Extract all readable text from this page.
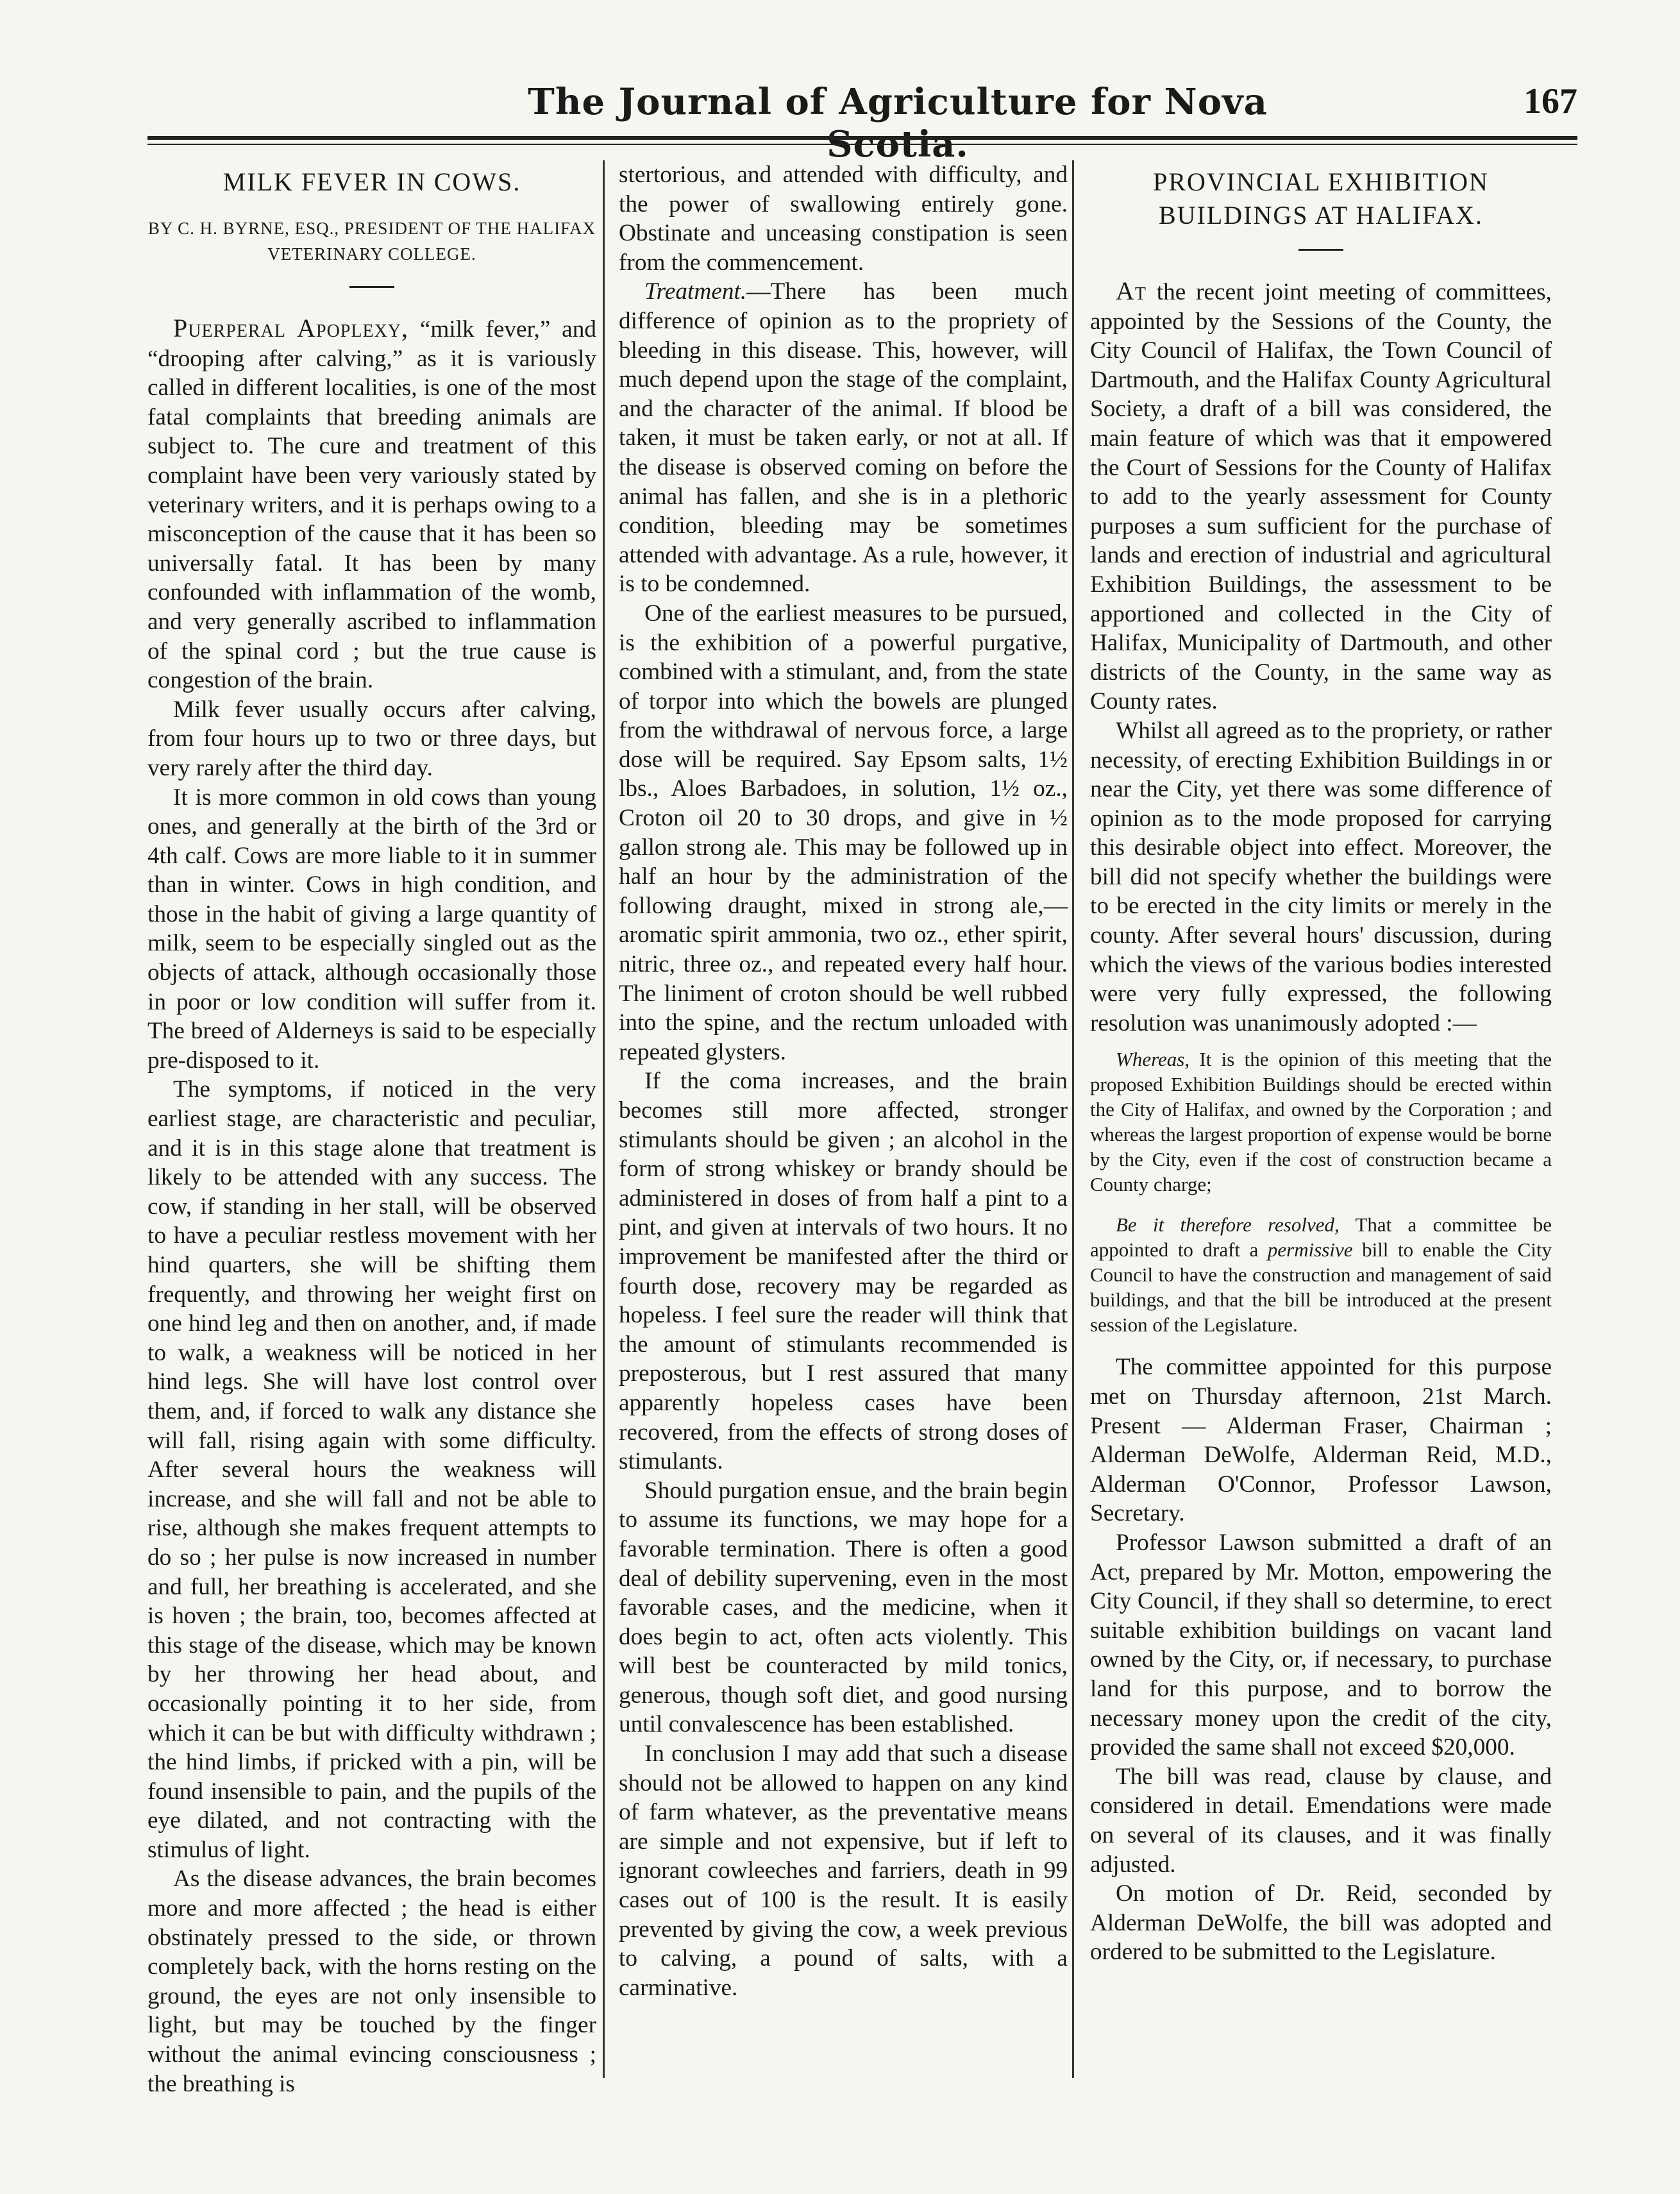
The Journal of Agriculture for Nova	167
MILK FEVER IN COWS.
BY C. H. BYRNE, ESQ., PRESIDENT OF THE HALIFAX VETERINARY COLLEGE.

Puerperal Apoplexy, “milk fever,” and “drooping after calving,” as it is variously called in different localities, is one of the most fatal complaints that breeding animals are subject to. The cure and treatment of this complaint have been very variously stated by veterinary writers, and it is perhaps owing to a misconception of the cause that it has been so universally fatal. It has been by many confounded with inflammation of the womb, and very generally ascribed to inflammation of the spinal cord ; but the true cause is congestion of the brain.

Milk fever usually occurs after calving, from four hours up to two or three days, but very rarely after the third day.

It is more common in old cows than young ones, and generally at the birth of the 3rd or 4th calf. Cows are more liable to it in summer than in winter. Cows in high condition, and those in the habit of giving a large quantity of milk, seem to be especially singled out as the objects of attack, although occasionally those in poor or low condition will suffer from it. The breed of Alderneys is said to be especially pre-disposed to it.

The symptoms, if noticed in the very earliest stage, are characteristic and peculiar, and it is in this stage alone that treatment is likely to be attended with any success. The cow, if standing in her stall, will be observed to have a peculiar restless movement with her hind quarters, she will be shifting them frequently, and throwing her weight first on one hind leg and then on another, and, if made to walk, a weakness will be noticed in her hind legs. She will have lost control over them, and, if forced to walk any distance she will fall, rising again with some difficulty. After several hours the weakness will increase, and she will fall and not be able to rise, although she makes frequent attempts to do so ; her pulse is now increased in number and full, her breathing is accelerated, and she is hoven ; the brain, too, becomes affected at this stage of the disease, which may be known by her throwing her head about, and occasionally pointing it to her side, from which it can be but with difficulty withdrawn ; the hind limbs, if pricked with a pin, will be found insensible to pain, and the pupils of the eye dilated, and not contracting with the stimulus of light.

As the disease advances, the brain becomes more and more affected ; the head is either obstinately pressed to the side, or thrown completely back, with the horns resting on the ground, the eyes are not only insensible to light, but may be touched by the finger without the animal evincing consciousness ; the breathing is

stertorious, and attended with difficulty, and the power of swallowing entirely gone. Obstinate and unceasing constipation is seen from the commencement.

Treatment.—There has been much difference of opinion as to the propriety of bleeding in this disease. This, however, will much depend upon the stage of the complaint, and the character of the animal. If blood be taken, it must be taken early, or not at all. If the disease is observed coming on before the animal has fallen, and she is in a plethoric condition, bleeding may be sometimes attended with advantage. As a rule, however, it is to be condemned.

One of the earliest measures to be pursued, is the exhibition of a powerful purgative, combined with a stimulant, and, from the state of torpor into which the bowels are plunged from the withdrawal of nervous force, a large dose will be required. Say Epsom salts, 1½ lbs., Aloes Barbadoes, in solution, 1½ oz., Croton oil 20 to 30 drops, and give in ½ gallon strong ale. This may be followed up in half an hour by the administration of the following draught, mixed in strong ale,—aromatic spirit ammonia, two oz., ether spirit, nitric, three oz., and repeated every half hour. The liniment of croton should be well rubbed into the spine, and the rectum unloaded with repeated glysters.

If the coma increases, and the brain becomes still more affected, stronger stimulants should be given ; an alcohol in the form of strong whiskey or brandy should be administered in doses of from half a pint to a pint, and given at intervals of two hours. It no improvement be manifested after the third or fourth dose, recovery may be regarded as hopeless. I feel sure the reader will think that the amount of stimulants recommended is preposterous, but I rest assured that many apparently hopeless cases have been recovered, from the effects of strong doses of stimulants.

Should purgation ensue, and the brain begin to assume its functions, we may hope for a favorable termination. There is often a good deal of debility supervening, even in the most favorable cases, and the medicine, when it does begin to act, often acts violently. This will best be counteracted by mild tonics, generous, though soft diet, and good nursing until convalescence has been established.

In conclusion I may add that such a disease should not be allowed to happen on any kind of farm whatever, as the preventative means are simple and not expensive, but if left to ignorant cowleeches and farriers, death in 99 cases out of 100 is the result. It is easily prevented by giving the cow, a week previous to calving, a pound of salts, with a carminative.

PROVINCIAL EXHIBITION BUILDINGS AT HALIFAX.

At the recent joint meeting of committees, appointed by the Sessions of the County, the City Council of Halifax, the Town Council of Dartmouth, and the Halifax County Agricultural Society, a draft of a bill was considered, the main feature of which was that it empowered the Court of Sessions for the County of Halifax to add to the yearly assessment for County purposes a sum sufficient for the purchase of lands and erection of industrial and agricultural Exhibition Buildings, the assessment to be apportioned and collected in the City of Halifax, Municipality of Dartmouth, and other districts of the County, in the same way as County rates.

Whilst all agreed as to the propriety, or rather necessity, of erecting Exhibition Buildings in or near the City, yet there was some difference of opinion as to the mode proposed for carrying this desirable object into effect. Moreover, the bill did not specify whether the buildings were to be erected in the city limits or merely in the county. After several hours' discussion, during which the views of the various bodies interested were very fully expressed, the following resolution was unanimously adopted :—

Whereas, It is the opinion of this meeting that the proposed Exhibition Buildings should be erected within the City of Halifax, and owned by the Corporation ; and whereas the largest proportion of expense would be borne by the City, even if the cost of construction became a County charge;

Be it therefore resolved, That a committee be appointed to draft a permissive bill to enable the City Council to have the construction and management of said buildings, and that the bill be introduced at the present session of the Legislature.

The committee appointed for this purpose met on Thursday afternoon, 21st March. Present — Alderman Fraser, Chairman ; Alderman DeWolfe, Alderman Reid, M.D., Alderman O'Connor, Professor Lawson, Secretary.

Professor Lawson submitted a draft of an Act, prepared by Mr. Motton, empowering the City Council, if they shall so determine, to erect suitable exhibition buildings on vacant land owned by the City, or, if necessary, to purchase land for this purpose, and to borrow the necessary money upon the credit of the city, provided the same shall not exceed $20,000.

The bill was read, clause by clause, and considered in detail. Emendations were made on several of its clauses, and it was finally adjusted.

On motion of Dr. Reid, seconded by Alderman DeWolfe, the bill was adopted and ordered to be submitted to the Legislature.
